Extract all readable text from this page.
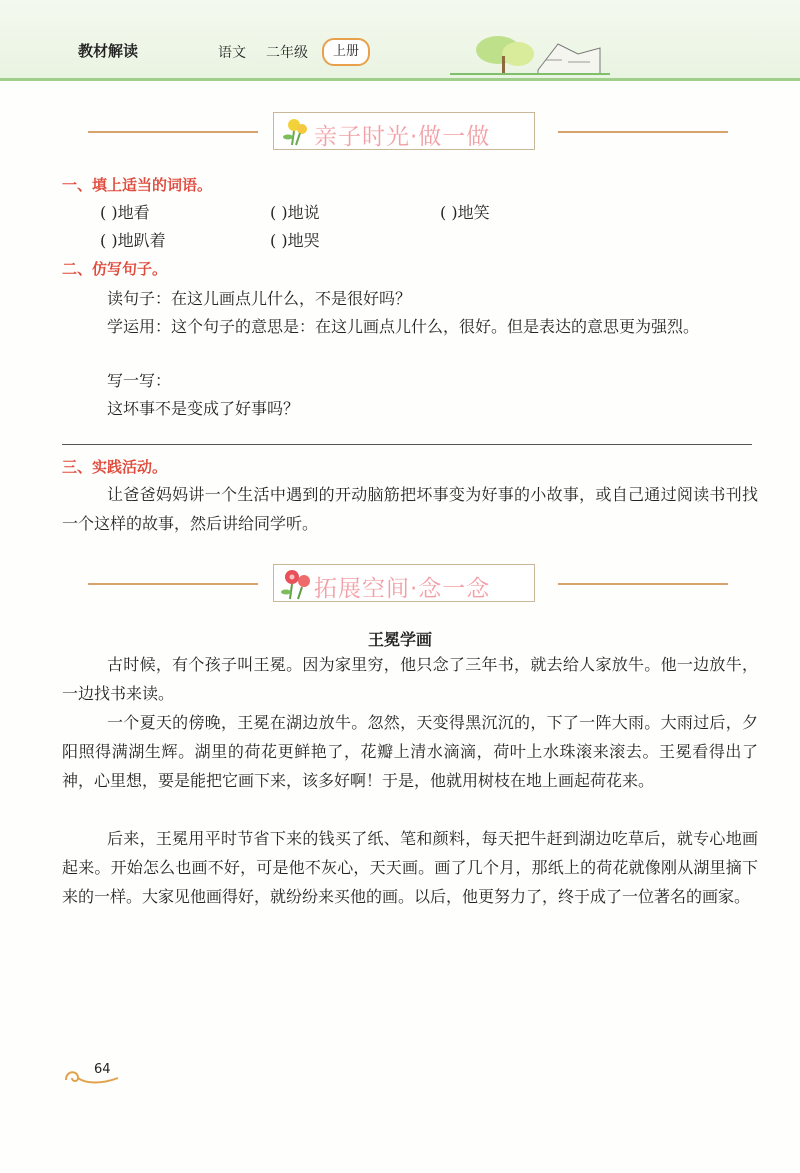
教材解读	语文 二年级	上册
亲子时光·做一做
一、填上适当的词语。
( )地看	( )地说	( )地笑
( )地趴着	( )地哭
二、仿写句子。
读句子：在这儿画点儿什么，不是很好吗？
学运用：这个句子的意思是：在这儿画点儿什么，很好。但是表达的意思更为强烈。
写一写：
这坏事不是变成了好事吗？
三、实践活动。
让爸爸妈妈讲一个生活中遇到的开动脑筋把坏事变为好事的小故事，或自己通过阅读书刊找一个这样的故事，然后讲给同学听。
拓展空间·念一念
王冕学画
古时候，有个孩子叫王冕。因为家里穷，他只念了三年书，就去给人家放牛。他一边放牛，一边找书来读。
一个夏天的傍晚，王冕在湖边放牛。忽然，天变得黑沉沉的，下了一阵大雨。大雨过后，夕阳照得满湖生辉。湖里的荷花更鲜艳了，花瓣上清水滴滴，荷叶上水珠滚来滚去。王冕看得出了神，心里想，要是能把它画下来，该多好啊！于是，他就用树枝在地上画起荷花来。
后来，王冕用平时节省下来的钱买了纸、笔和颜料，每天把牛赶到湖边吃草后，就专心地画起来。开始怎么也画不好，可是他不灰心，天天画。画了几个月，那纸上的荷花就像刚从湖里摘下来的一样。大家见他画得好，就纷纷来买他的画。以后，他更努力了，终于成了一位著名的画家。
64
